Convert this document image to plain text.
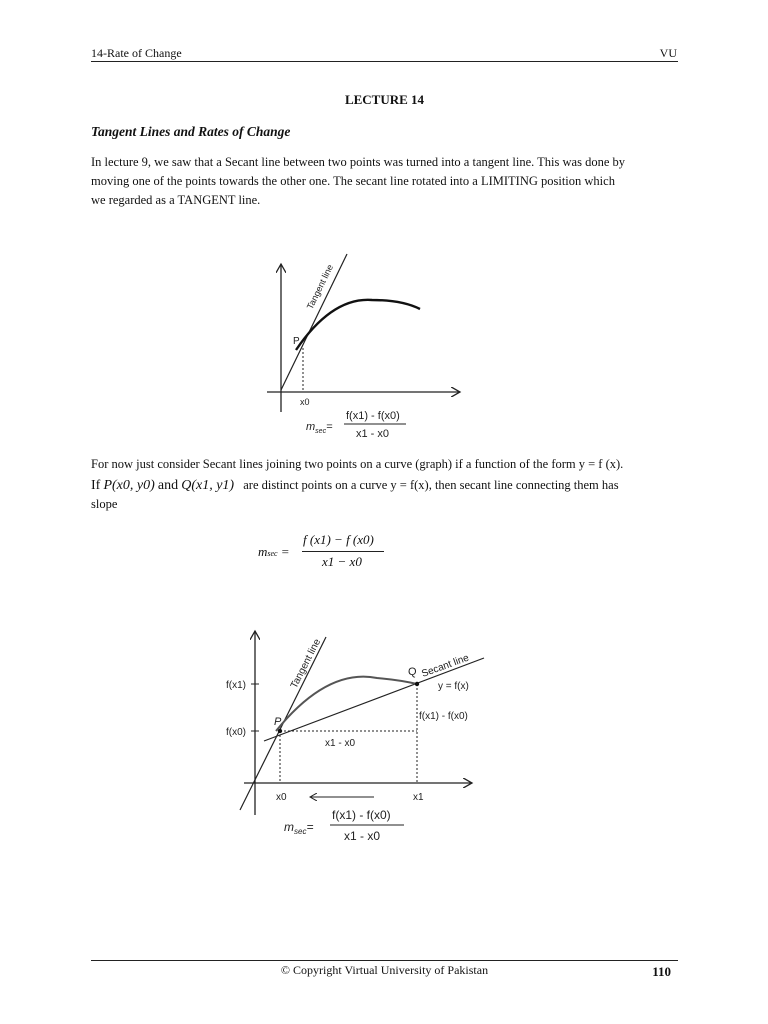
14-Rate of Change	VU
LECTURE 14
Tangent Lines and Rates of Change
In lecture 9, we saw that a Secant line between two points was turned into a tangent line. This was done by
moving one of the points towards the other one. The secant line rotated into a LIMITING position which
we regarded as a TANGENT line.
Tangent line
P
x0
$m_{sec}=$
f(x1) - f(x0)
x1 - x0
For now just consider Secant lines joining two points on a curve (graph) if a function of the form y = f (x).
If P(x0, y0) and Q(x1, y1) are distinct points on a curve y = f(x), then secant line connecting them has
slope
msec =
f (x1) − f (x0)
x1 − x0
Tangent line	Secant line
Q
P
y = f(x)
f(x1)
f(x0)
f(x1) - f(x0)
x1 - x0
x0	x1
$m_{sec}=$
f(x1) - f(x0)
x1 - x0
© Copyright Virtual University of Pakistan	110
